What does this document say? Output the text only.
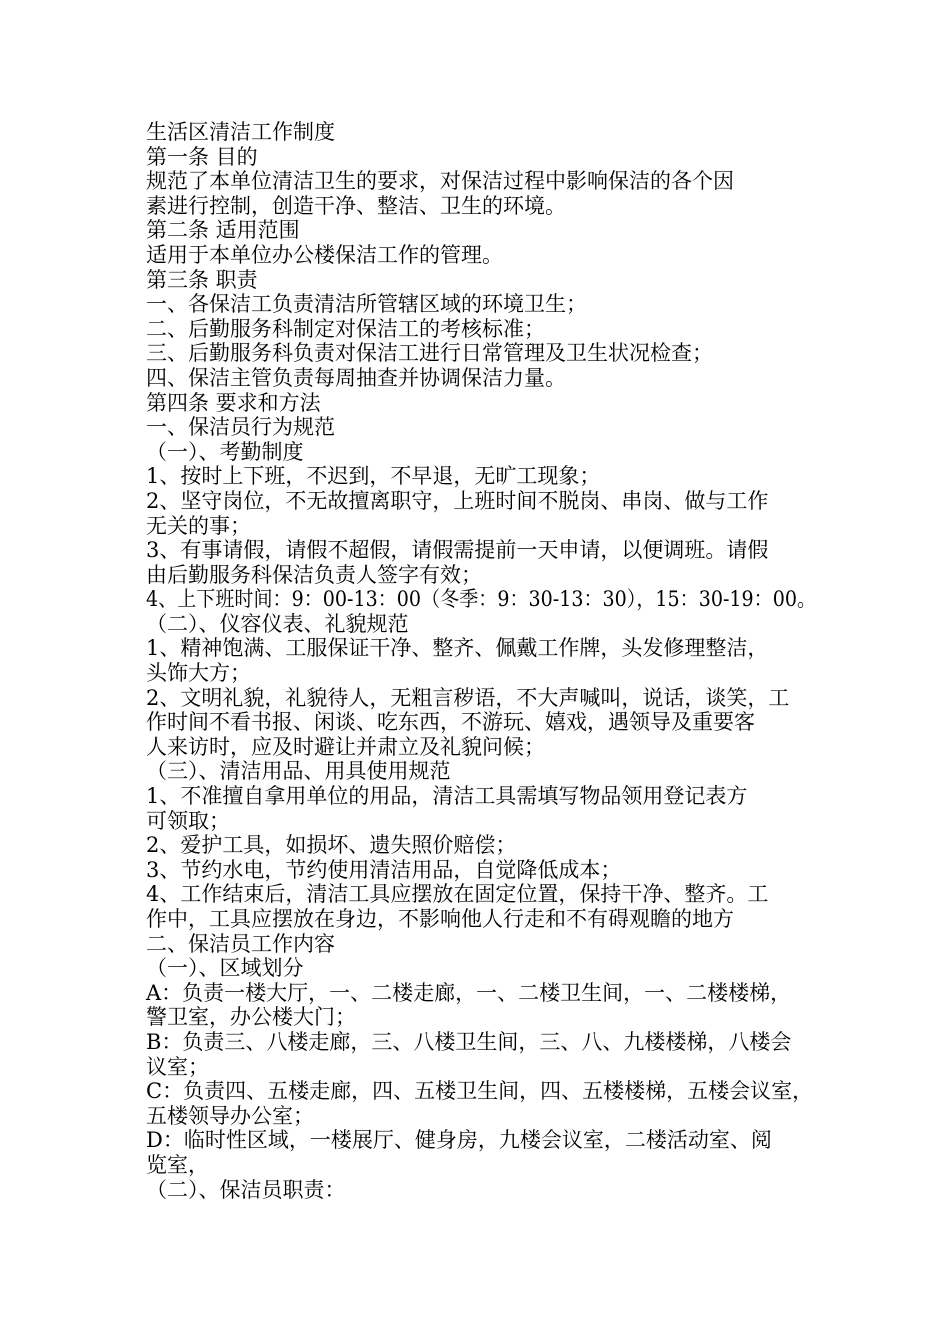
生活区清洁工作制度
第一条 目的
规范了本单位清洁卫生的要求，对保洁过程中影响保洁的各个因
素进行控制，创造干净、整洁、卫生的环境。
第二条 适用范围
适用于本单位办公楼保洁工作的管理。
第三条 职责
一、各保洁工负责清洁所管辖区域的环境卫生；
二、后勤服务科制定对保洁工的考核标准；
三、后勤服务科负责对保洁工进行日常管理及卫生状况检查；
四、保洁主管负责每周抽查并协调保洁力量。
第四条 要求和方法
一、保洁员行为规范
（一）、考勤制度
1、按时上下班，不迟到，不早退，无旷工现象；
2、坚守岗位，不无故擅离职守，上班时间不脱岗、串岗、做与工作
无关的事；
3、有事请假，请假不超假，请假需提前一天申请，以便调班。请假
由后勤服务科保洁负责人签字有效；
4、上下班时间：9：00-13：00（冬季：9：30-13：30），15：30-19：00。
（二）、仪容仪表、礼貌规范
1、精神饱满、工服保证干净、整齐、佩戴工作牌，头发修理整洁，
头饰大方；
2、文明礼貌，礼貌待人，无粗言秽语，不大声喊叫，说话，谈笑，工
作时间不看书报、闲谈、吃东西，不游玩、嬉戏，遇领导及重要客
人来访时，应及时避让并肃立及礼貌问候；
（三）、清洁用品、用具使用规范
1、不准擅自拿用单位的用品，清洁工具需填写物品领用登记表方
可领取；
2、爱护工具，如损坏、遗失照价赔偿；
3、节约水电，节约使用清洁用品，自觉降低成本；
4、工作结束后，清洁工具应摆放在固定位置，保持干净、整齐。工
作中，工具应摆放在身边，不影响他人行走和不有碍观瞻的地方
二、保洁员工作内容
（一）、区域划分
A：负责一楼大厅，一、二楼走廊，一、二楼卫生间，一、二楼楼梯，
警卫室，办公楼大门；
B：负责三、八楼走廊，三、八楼卫生间，三、八、九楼楼梯，八楼会
议室；
C：负责四、五楼走廊，四、五楼卫生间，四、五楼楼梯，五楼会议室，
五楼领导办公室；
D：临时性区域，一楼展厅、健身房，九楼会议室，二楼活动室、阅
览室，
（二）、保洁员职责：
